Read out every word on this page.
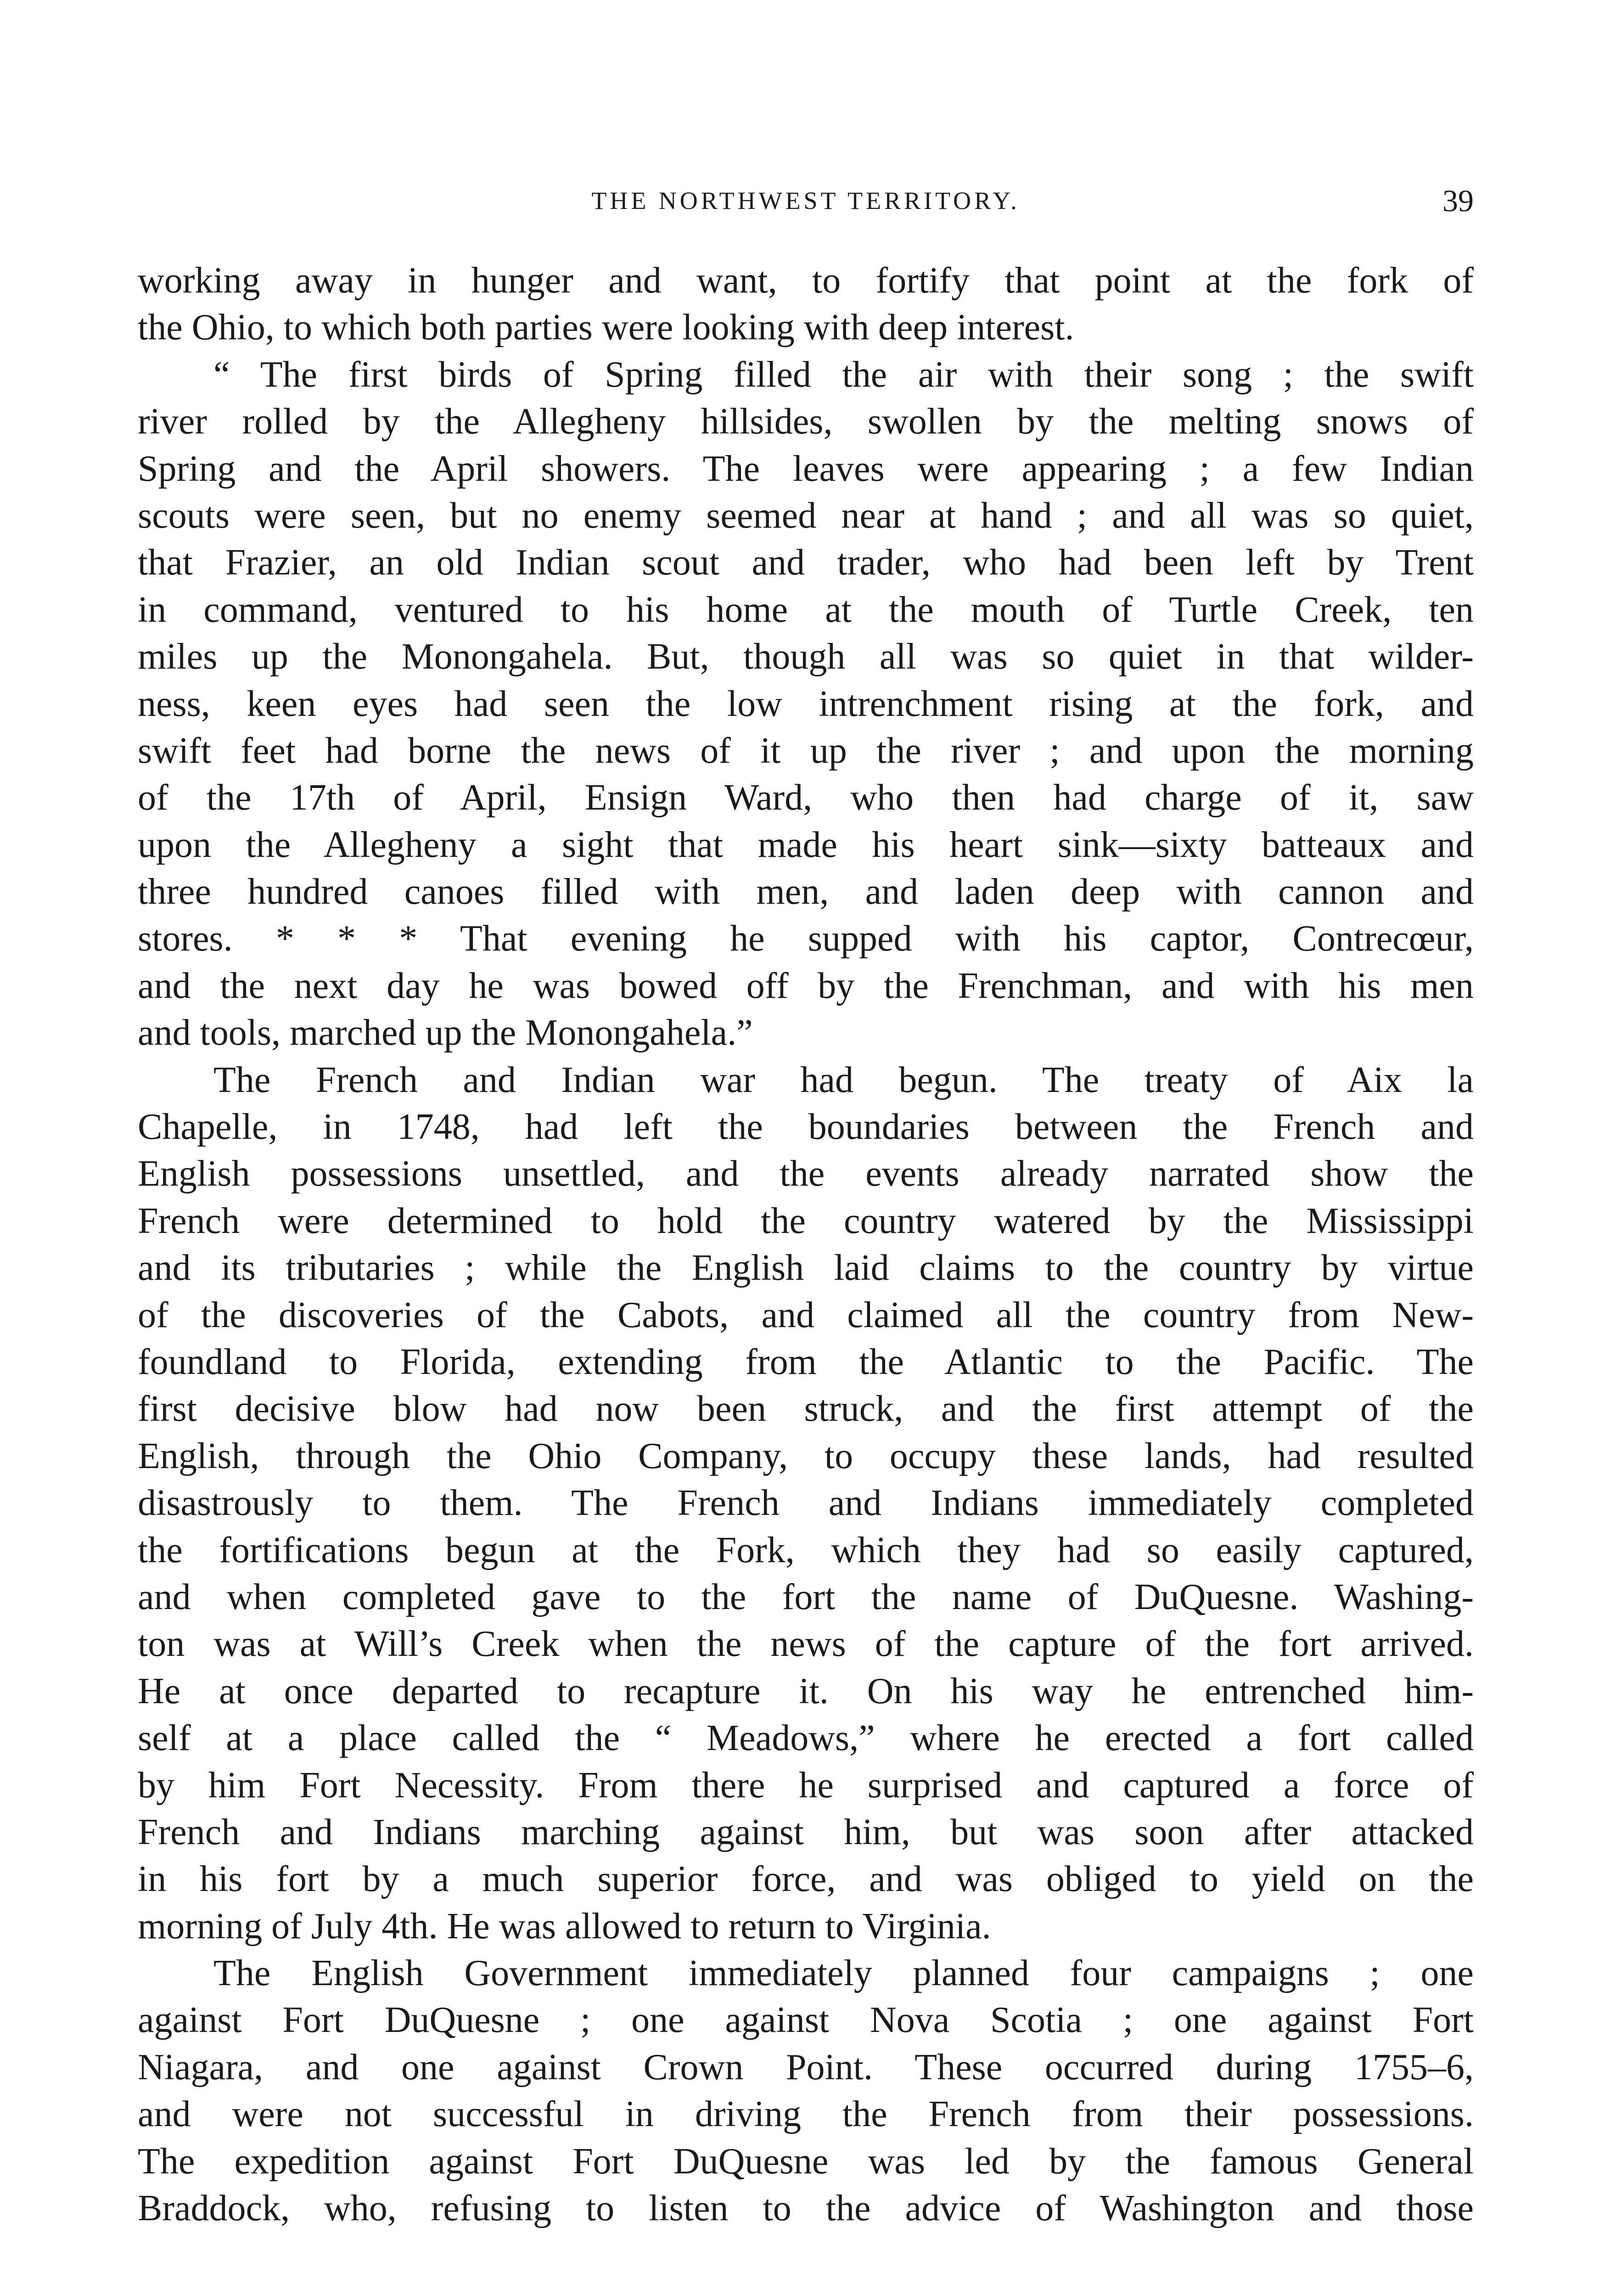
THE NORTHWEST TERRITORY.	39
working away in hunger and want, to fortify that point at the fork of
the Ohio, to which both parties were looking with deep interest.
“ The first birds of Spring filled the air with their song ; the swift
river rolled by the Allegheny hillsides, swollen by the melting snows of
Spring and the April showers. The leaves were appearing ; a few Indian
scouts were seen, but no enemy seemed near at hand ; and all was so quiet,
that Frazier, an old Indian scout and trader, who had been left by Trent
in command, ventured to his home at the mouth of Turtle Creek, ten
miles up the Monongahela. But, though all was so quiet in that wilder-
ness, keen eyes had seen the low intrenchment rising at the fork, and
swift feet had borne the news of it up the river ; and upon the morning
of the 17th of April, Ensign Ward, who then had charge of it, saw
upon the Allegheny a sight that made his heart sink—sixty batteaux and
three hundred canoes filled with men, and laden deep with cannon and
stores. * * * That evening he supped with his captor, Contrecœur,
and the next day he was bowed off by the Frenchman, and with his men
and tools, marched up the Monongahela.”
The French and Indian war had begun. The treaty of Aix la
Chapelle, in 1748, had left the boundaries between the French and
English possessions unsettled, and the events already narrated show the
French were determined to hold the country watered by the Mississippi
and its tributaries ; while the English laid claims to the country by virtue
of the discoveries of the Cabots, and claimed all the country from New-
foundland to Florida, extending from the Atlantic to the Pacific. The
first decisive blow had now been struck, and the first attempt of the
English, through the Ohio Company, to occupy these lands, had resulted
disastrously to them. The French and Indians immediately completed
the fortifications begun at the Fork, which they had so easily captured,
and when completed gave to the fort the name of DuQuesne. Washing-
ton was at Will’s Creek when the news of the capture of the fort arrived.
He at once departed to recapture it. On his way he entrenched him-
self at a place called the “ Meadows,” where he erected a fort called
by him Fort Necessity. From there he surprised and captured a force of
French and Indians marching against him, but was soon after attacked
in his fort by a much superior force, and was obliged to yield on the
morning of July 4th. He was allowed to return to Virginia.
The English Government immediately planned four campaigns ; one
against Fort DuQuesne ; one against Nova Scotia ; one against Fort
Niagara, and one against Crown Point. These occurred during 1755–6,
and were not successful in driving the French from their possessions.
The expedition against Fort DuQuesne was led by the famous General
Braddock, who, refusing to listen to the advice of Washington and those
